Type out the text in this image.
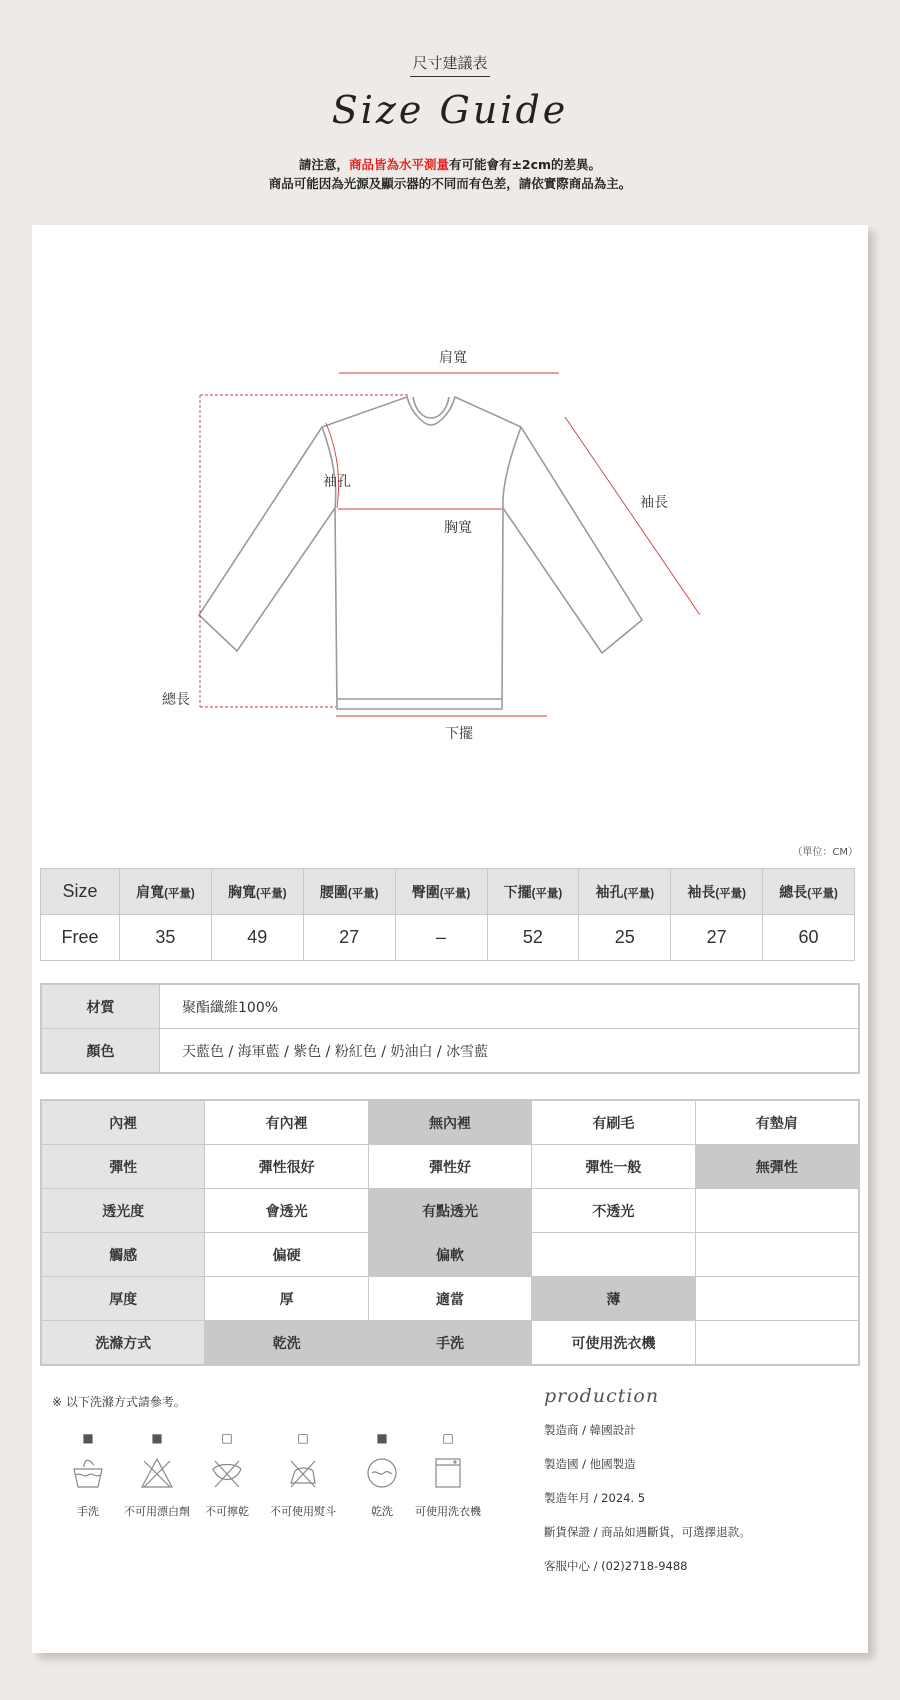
尺寸建議表
Size Guide
請注意，商品皆為水平測量有可能會有±2cm的差異。
商品可能因為光源及顯示器的不同而有色差，請依實際商品為主。
肩寬
袖孔
胸寬
袖長
總長
下擺
（單位：CM）
Size	肩寬(平量)	胸寬(平量)	腰圍(平量)	臀圍(平量)	下擺(平量)	袖孔(平量)	袖長(平量)	總長(平量)
Free	35	49	27	–	52	25	27	60
材質	聚酯纖維100%
顏色	天藍色 / 海軍藍 / 紫色 / 粉紅色 / 奶油白 / 冰雪藍
內裡	有內裡	無內裡	有刷毛	有墊肩
彈性	彈性很好	彈性好	彈性一般	無彈性
透光度	會透光	有點透光	不透光	
觸感	偏硬	偏軟		
厚度	厚	適當	薄	
洗滌方式	乾洗	手洗	可使用洗衣機	
※ 以下洗滌方式請參考。
■
手洗
■
不可用漂白劑
□
不可擰乾
□
不可使用熨斗
■
乾洗
□
可使用洗衣機
production
製造商 / 韓國設計
製造國 / 他國製造
製造年月 / 2024. 5
斷貨保證 / 商品如遇斷貨，可選擇退款。
客服中心 / (02)2718-9488
